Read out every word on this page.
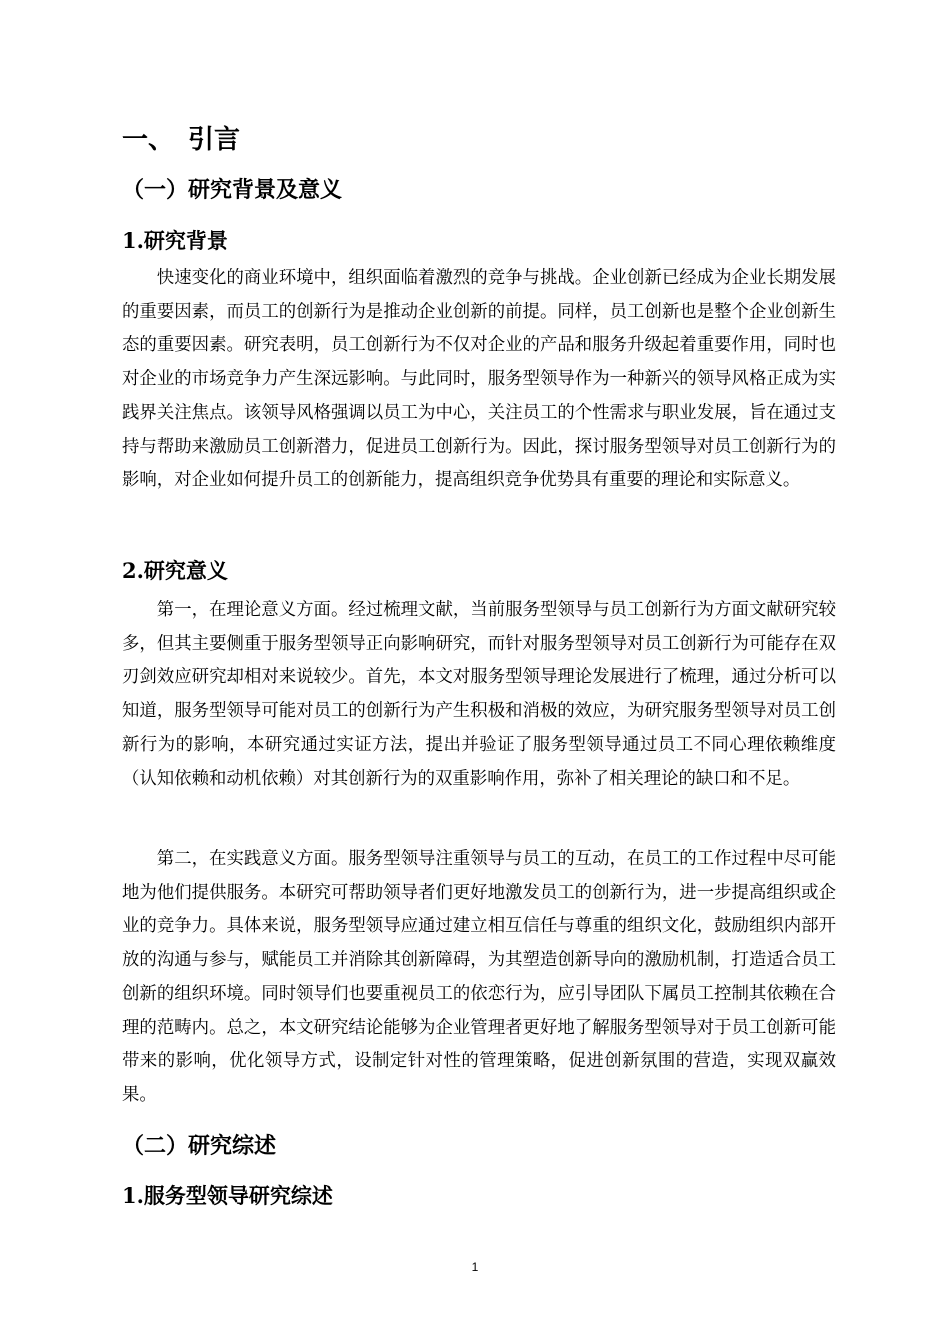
一、 引言
（一）研究背景及意义
1.研究背景

快速变化的商业环境中，组织面临着激烈的竞争与挑战。企业创新已经成为企业长期发展的重要因素，而员工的创新行为是推动企业创新的前提。同样，员工创新也是整个企业创新生态的重要因素。研究表明，员工创新行为不仅对企业的产品和服务升级起着重要作用，同时也对企业的市场竞争力产生深远影响。与此同时，服务型领导作为一种新兴的领导风格正成为实践界关注焦点。该领导风格强调以员工为中心，关注员工的个性需求与职业发展，旨在通过支持与帮助来激励员工创新潜力，促进员工创新行为。因此，探讨服务型领导对员工创新行为的影响，对企业如何提升员工的创新能力，提高组织竞争优势具有重要的理论和实际意义。

2.研究意义

第一，在理论意义方面。经过梳理文献，当前服务型领导与员工创新行为方面文献研究较多，但其主要侧重于服务型领导正向影响研究，而针对服务型领导对员工创新行为可能存在双刃剑效应研究却相对来说较少。首先，本文对服务型领导理论发展进行了梳理，通过分析可以知道，服务型领导可能对员工的创新行为产生积极和消极的效应，为研究服务型领导对员工创新行为的影响，本研究通过实证方法，提出并验证了服务型领导通过员工不同心理依赖维度（认知依赖和动机依赖）对其创新行为的双重影响作用，弥补了相关理论的缺口和不足。

第二，在实践意义方面。服务型领导注重领导与员工的互动，在员工的工作过程中尽可能地为他们提供服务。本研究可帮助领导者们更好地激发员工的创新行为，进一步提高组织或企业的竞争力。具体来说，服务型领导应通过建立相互信任与尊重的组织文化，鼓励组织内部开放的沟通与参与，赋能员工并消除其创新障碍，为其塑造创新导向的激励机制，打造适合员工创新的组织环境。同时领导们也要重视员工的依恋行为，应引导团队下属员工控制其依赖在合理的范畴内。总之，本文研究结论能够为企业管理者更好地了解服务型领导对于员工创新可能带来的影响，优化领导方式，设制定针对性的管理策略，促进创新氛围的营造，实现双赢效果。

（二）研究综述
1.服务型领导研究综述
1
